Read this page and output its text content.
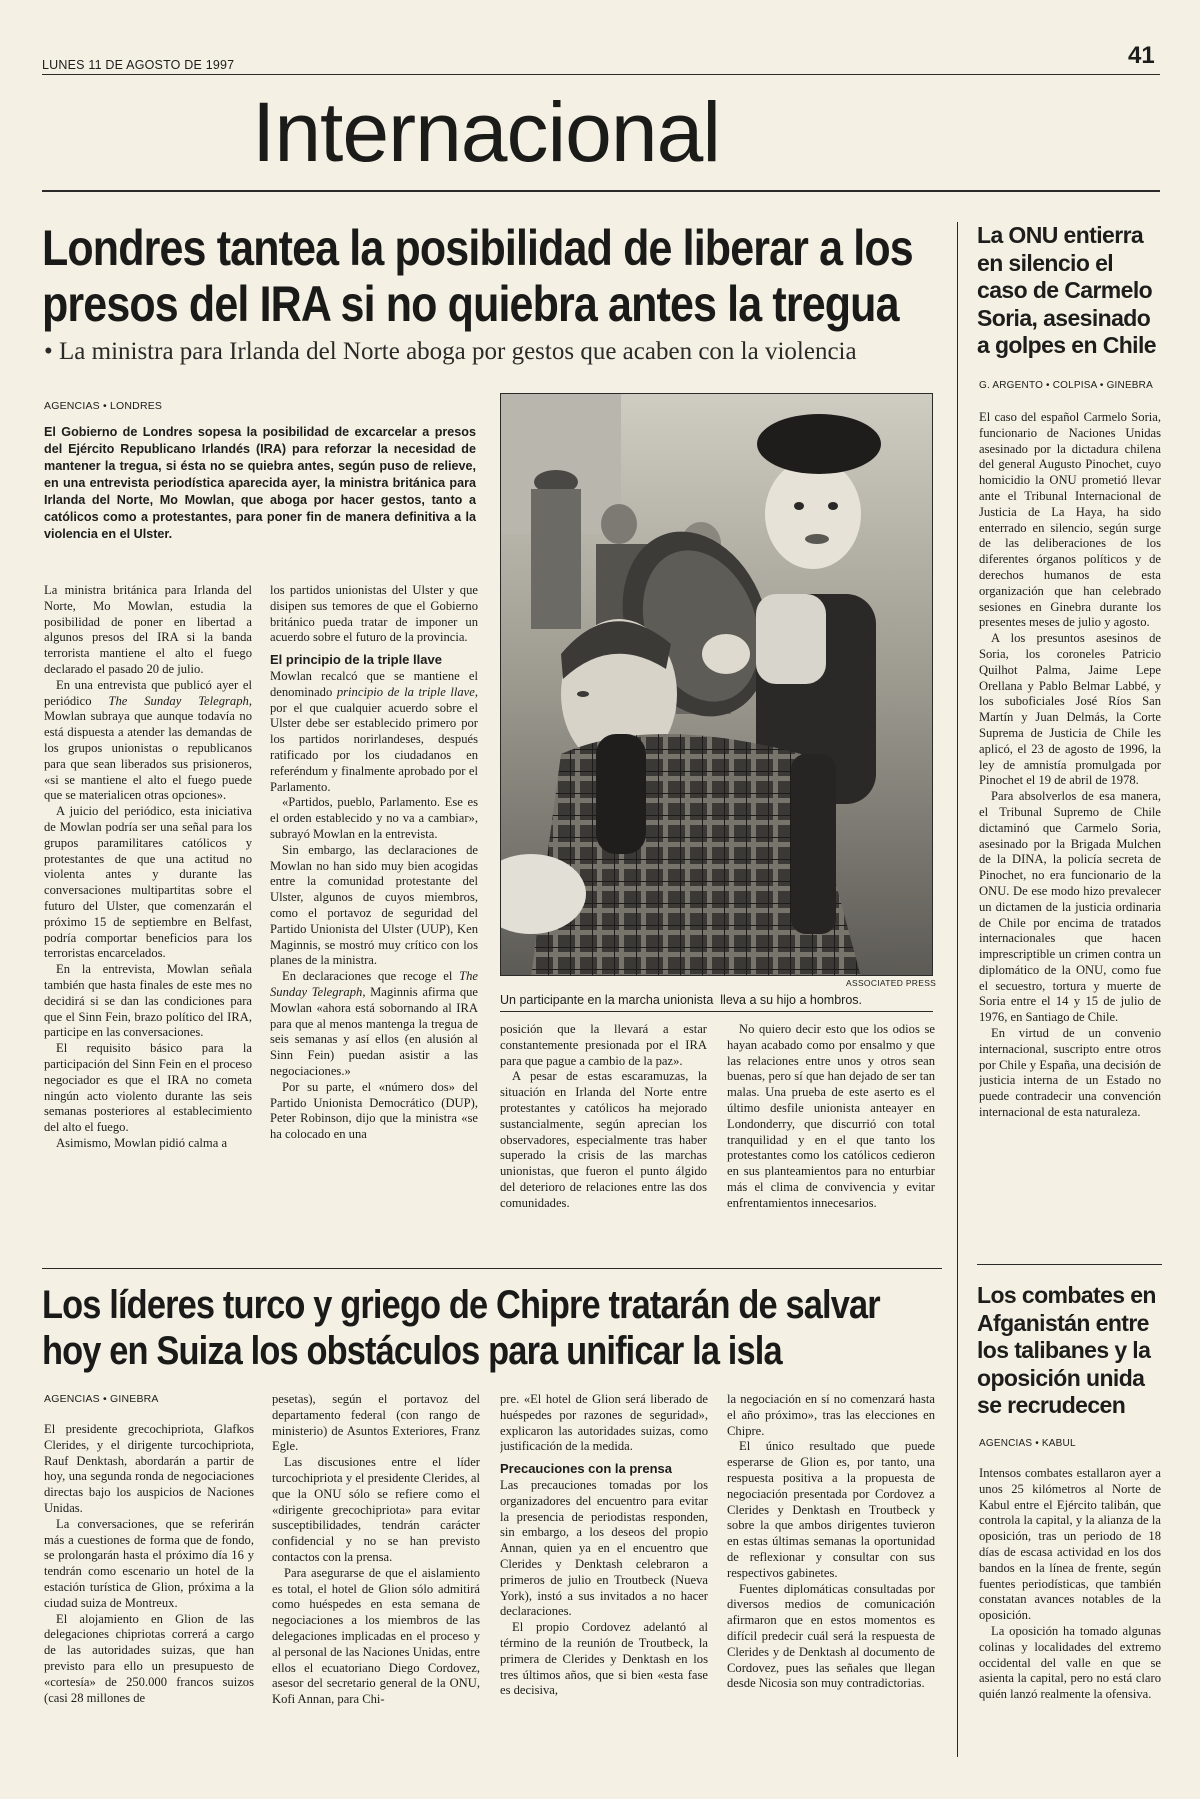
LUNES 11 DE AGOSTO DE 1997	41
Internacional
Londres tantea la posibilidad de liberar a los
presos del IRA si no quiebra antes la tregua
• La ministra para Irlanda del Norte aboga por gestos que acaben con la violencia
AGENCIAS • LONDRES
El Gobierno de Londres sopesa la posibilidad de excarcelar a presos del Ejército Republicano Irlandés (IRA) para reforzar la necesidad de mantener la tregua, si ésta no se quiebra antes, según puso de relieve, en una entrevista periodística aparecida ayer, la ministra británica para Irlanda del Norte, Mo Mowlan, que aboga por hacer gestos, tanto a católicos como a protestantes, para poner fin de manera definitiva a la violencia en el Ulster.

La ministra británica para Irlanda del Norte, Mo Mowlan, estudia la posibilidad de poner en libertad a algunos presos del IRA si la banda terrorista mantiene el alto el fuego declarado el pasado 20 de julio.

En una entrevista que publicó ayer el periódico The Sunday Telegraph, Mowlan subraya que aunque todavía no está dispuesta a atender las demandas de los grupos unionistas o republicanos para que sean liberados sus prisioneros, «si se mantiene el alto el fuego puede que se materialicen otras opciones».

A juicio del periódico, esta iniciativa de Mowlan podría ser una señal para los grupos paramilitares católicos y protestantes de que una actitud no violenta antes y durante las conversaciones multipartitas sobre el futuro del Ulster, que comenzarán el próximo 15 de septiembre en Belfast, podría comportar beneficios para los terroristas encarcelados.

En la entrevista, Mowlan señala también que hasta finales de este mes no decidirá si se dan las condiciones para que el Sinn Fein, brazo político del IRA, participe en las conversaciones.

El requisito básico para la participación del Sinn Fein en el proceso negociador es que el IRA no cometa ningún acto violento durante las seis semanas posteriores al establecimiento del alto el fuego.

Asimismo, Mowlan pidió calma a

los partidos unionistas del Ulster y que disipen sus temores de que el Gobierno británico pueda tratar de imponer un acuerdo sobre el futuro de la provincia.

El principio de la triple llave

Mowlan recalcó que se mantiene el denominado principio de la triple llave, por el que cualquier acuerdo sobre el Ulster debe ser establecido primero por los partidos norirlandeses, después ratificado por los ciudadanos en referéndum y finalmente aprobado por el Parlamento.

«Partidos, pueblo, Parlamento. Ese es el orden establecido y no va a cambiar», subrayó Mowlan en la entrevista.

Sin embargo, las declaraciones de Mowlan no han sido muy bien acogidas entre la comunidad protestante del Ulster, algunos de cuyos miembros, como el portavoz de seguridad del Partido Unionista del Ulster (UUP), Ken Maginnis, se mostró muy crítico con los planes de la ministra.

En declaraciones que recoge el The Sunday Telegraph, Maginnis afirma que Mowlan «ahora está sobornando al IRA para que al menos mantenga la tregua de seis semanas y así ellos (en alusión al Sinn Fein) puedan asistir a las negociaciones.»

Por su parte, el «número dos» del Partido Unionista Democrático (DUP), Peter Robinson, dijo que la ministra «se ha colocado en una

ASSOCIATED PRESS
Un participante en la marcha unionista  lleva a su hijo a hombros.

posición que la llevará a estar constantemente presionada por el IRA para que pague a cambio de la paz».

A pesar de estas escaramuzas, la situación en Irlanda del Norte entre protestantes y católicos ha mejorado sustancialmente, según aprecian los observadores, especialmente tras haber superado la crisis de las marchas unionistas, que fueron el punto álgido del deterioro de relaciones entre las dos comunidades.

No quiero decir esto que los odios se hayan acabado como por ensalmo y que las relaciones entre unos y otros sean buenas, pero sí que han dejado de ser tan malas. Una prueba de este aserto es el último desfile unionista anteayer en Londonderry, que discurrió con total tranquilidad y en el que tanto los protestantes como los católicos cedieron en sus planteamientos para no enturbiar más el clima de convivencia y evitar enfrentamientos innecesarios.

La ONU entierra en silencio el caso de Carmelo Soria, asesinado a golpes en Chile
G. ARGENTO • COLPISA • GINEBRA

El caso del español Carmelo Soria, funcionario de Naciones Unidas asesinado por la dictadura chilena del general Augusto Pinochet, cuyo homicidio la ONU prometió llevar ante el Tribunal Internacional de Justicia de La Haya, ha sido enterrado en silencio, según surge de las deliberaciones de los diferentes órganos políticos y de derechos humanos de esta organización que han celebrado sesiones en Ginebra durante los presentes meses de julio y agosto.

A los presuntos asesinos de Soria, los coroneles Patricio Quilhot Palma, Jaime Lepe Orellana y Pablo Belmar Labbé, y los suboficiales José Ríos San Martín y Juan Delmás, la Corte Suprema de Justicia de Chile les aplicó, el 23 de agosto de 1996, la ley de amnistía promulgada por Pinochet el 19 de abril de 1978.

Para absolverlos de esa manera, el Tribunal Supremo de Chile dictaminó que Carmelo Soria, asesinado por la Brigada Mulchen de la DINA, la policía secreta de Pinochet, no era funcionario de la ONU. De ese modo hizo prevalecer un dictamen de la justicia ordinaria de Chile por encima de tratados internacionales que hacen imprescriptible un crimen contra un diplomático de la ONU, como fue el secuestro, tortura y muerte de Soria entre el 14 y 15 de julio de 1976, en Santiago de Chile.

En virtud de un convenio internacional, suscripto entre otros por Chile y España, una decisión de justicia interna de un Estado no puede contradecir una convención internacional de esta naturaleza.

Los líderes turco y griego de Chipre tratarán de salvar
hoy en Suiza los obstáculos para unificar la isla
AGENCIAS • GINEBRA

El presidente grecochipriota, Glafkos Clerides, y el dirigente turcochipriota, Rauf Denktash, abordarán a partir de hoy, una segunda ronda de negociaciones directas bajo los auspicios de Naciones Unidas.

La conversaciones, que se referirán más a cuestiones de forma que de fondo, se prolongarán hasta el próximo día 16 y tendrán como escenario un hotel de la estación turística de Glion, próxima a la ciudad suiza de Montreux.

El alojamiento en Glion de las delegaciones chipriotas correrá a cargo de las autoridades suizas, que han previsto para ello un presupuesto de «cortesía» de 250.000 francos suizos (casi 28 millones de

pesetas), según el portavoz del departamento federal (con rango de ministerio) de Asuntos Exteriores, Franz Egle.

Las discusiones entre el líder turcochipriota y el presidente Clerides, al que la ONU sólo se refiere como el «dirigente grecochipriota» para evitar susceptibilidades, tendrán carácter confidencial y no se han previsto contactos con la prensa.

Para asegurarse de que el aislamiento es total, el hotel de Glion sólo admitirá como huéspedes en esta semana de negociaciones a los miembros de las delegaciones implicadas en el proceso y al personal de las Naciones Unidas, entre ellos el ecuatoriano Diego Cordovez, asesor del secretario general de la ONU, Kofi Annan, para Chi-

pre. «El hotel de Glion será liberado de huéspedes por razones de seguridad», explicaron las autoridades suizas, como justificación de la medida.

Precauciones con la prensa

Las precauciones tomadas por los organizadores del encuentro para evitar la presencia de periodistas responden, sin embargo, a los deseos del propio Annan, quien ya en el encuentro que Clerides y Denktash celebraron a primeros de julio en Troutbeck (Nueva York), instó a sus invitados a no hacer declaraciones.

El propio Cordovez adelantó al término de la reunión de Troutbeck, la primera de Clerides y Denktash en los tres últimos años, que si bien «esta fase es decisiva,

la negociación en sí no comenzará hasta el año próximo», tras las elecciones en Chipre.

El único resultado que puede esperarse de Glion es, por tanto, una respuesta positiva a la propuesta de negociación presentada por Cordovez a Clerides y Denktash en Troutbeck y sobre la que ambos dirigentes tuvieron en estas últimas semanas la oportunidad de reflexionar y consultar con sus respectivos gabinetes.

Fuentes diplomáticas consultadas por diversos medios de comunicación afirmaron que en estos momentos es difícil predecir cuál será la respuesta de Clerides y de Denktash al documento de Cordovez, pues las señales que llegan desde Nicosia son muy contradictorias.

Los combates en Afganistán entre los talibanes y la oposición unida se recrudecen
AGENCIAS • KABUL

Intensos combates estallaron ayer a unos 25 kilómetros al Norte de Kabul entre el Ejército talibán, que controla la capital, y la alianza de la oposición, tras un periodo de 18 días de escasa actividad en los dos bandos en la línea de frente, según fuentes periodísticas, que también constatan avances notables de la oposición.

La oposición ha tomado algunas colinas y localidades del extremo occidental del valle en que se asienta la capital, pero no está claro quién lanzó realmente la ofensiva.
